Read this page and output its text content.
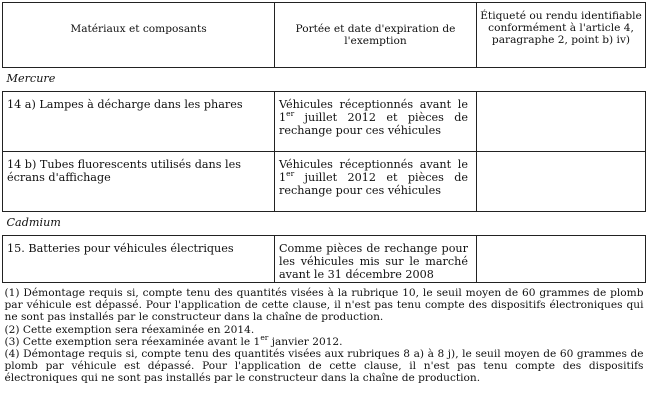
Matériaux et composants	Portée et date d'expiration de l'exemption	Étiqueté ou rendu identifiable conformément à l'article 4, paragraphe 2, point b) iv)
Mercure		
14 a) Lampes à décharge dans les phares	Véhicules réceptionnés avant le 1er juillet 2012 et pièces de rechange pour ces véhicules	
14 b) Tubes fluorescents utilisés dans les écrans d'affichage	Véhicules réceptionnés avant le 1er juillet 2012 et pièces de rechange pour ces véhicules	
Cadmium		
15. Batteries pour véhicules électriques	Comme pièces de rechange pour les véhicules mis sur le marché avant le 31 décembre 2008	

(1) Démontage requis si, compte tenu des quantités visées à la rubrique 10, le seuil moyen de 60 grammes de plomb par véhicule est dépassé. Pour l'application de cette clause, il n'est pas tenu compte des dispositifs électroniques qui ne sont pas installés par le constructeur dans la chaîne de production.
(2) Cette exemption sera réexaminée en 2014.
(3) Cette exemption sera réexaminée avant le 1er janvier 2012.
(4) Démontage requis si, compte tenu des quantités visées aux rubriques 8 a) à 8 j), le seuil moyen de 60 grammes de plomb par véhicule est dépassé. Pour l'application de cette clause, il n'est pas tenu compte des dispositifs électroniques qui ne sont pas installés par le constructeur dans la chaîne de production.		
